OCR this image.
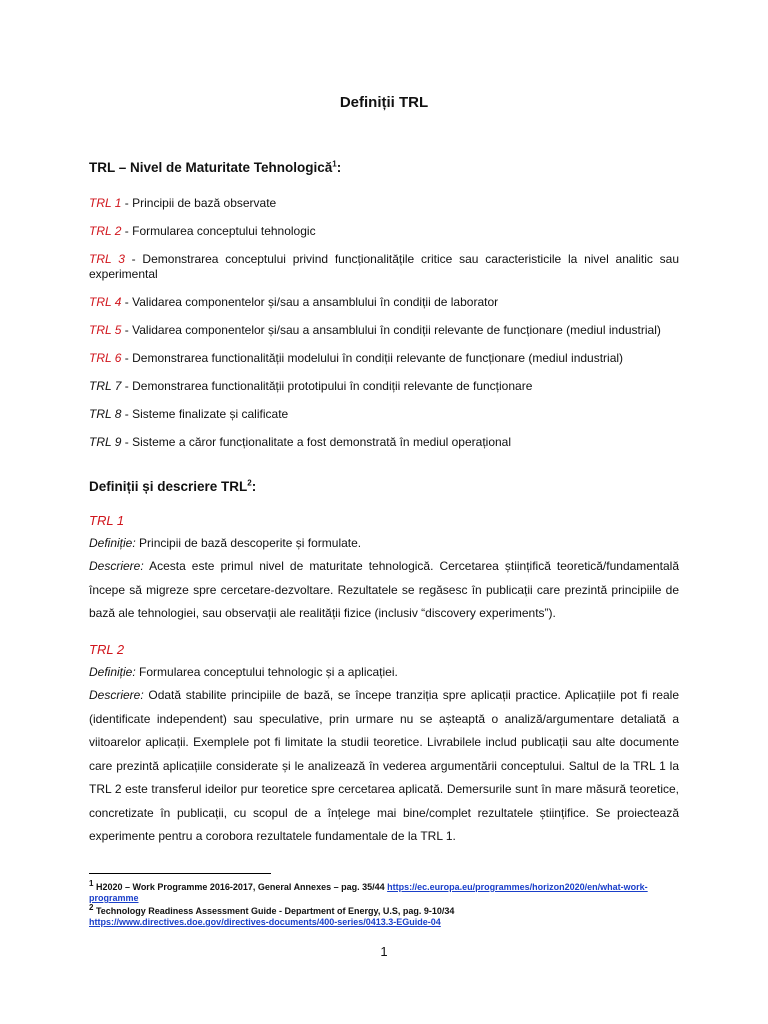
Definiții TRL
TRL – Nivel de Maturitate Tehnologică$^1$:
TRL 1 - Principii de bază observate
TRL 2 - Formularea conceptului tehnologic
TRL  3  -  Demonstrarea  conceptului  privind  funcționalitățile  critice  sau  caracteristicile  la  nivel  analitic  sau experimental
TRL 4 - Validarea componentelor și/sau a ansamblului în condiții de laborator
TRL 5 - Validarea componentelor și/sau a ansamblului în condiții relevante de funcționare (mediul industrial)
TRL 6 - Demonstrarea functionalității modelului în condiții relevante de funcționare (mediul industrial)
TRL 7 - Demonstrarea functionalității prototipului în condiții relevante de funcționare
TRL 8 - Sisteme finalizate și calificate
TRL 9 - Sisteme a căror funcționalitate a fost demonstrată în mediul operațional
Definiții și descriere TRL$^2$:
TRL 1
Definiție: Principii de bază descoperite și formulate.
Descriere: Acesta este primul nivel de maturitate tehnologică. Cercetarea științifică teoretică/fundamentală începe să migreze spre cercetare-dezvoltare. Rezultatele se regăsesc în publicații care prezintă principiile de bază ale tehnologiei, sau observații ale realității fizice (inclusiv “discovery experiments”).
TRL 2
Definiție: Formularea conceptului tehnologic și a aplicației.
Descriere: Odată stabilite principiile de bază, se începe tranziția spre aplicații practice. Aplicațiile pot fi reale (identificate independent) sau speculative, prin urmare nu se așteaptă o analiză/argumentare detaliată a viitoarelor aplicații. Exemplele pot fi limitate la studii teoretice. Livrabilele includ publicații sau alte documente care prezintă aplicațiile considerate și le analizează în vederea argumentării conceptului. Saltul de la TRL 1 la TRL 2 este transferul ideilor pur teoretice spre cercetarea aplicată. Demersurile sunt în mare măsură teoretice, concretizate în publicații, cu scopul de a înțelege mai bine/complet rezultatele științifice. Se proiectează experimente pentru a corobora rezultatele fundamentale de la TRL 1.
$^1$ H2020 – Work Programme 2016-2017, General Annexes – pag. 35/44 https://ec.europa.eu/programmes/horizon2020/en/what-work-programme
$^2$ Technology Readiness Assessment Guide - Department of Energy, U.S, pag. 9-10/34
https://www.directives.doe.gov/directives-documents/400-series/0413.3-EGuide-04
1
